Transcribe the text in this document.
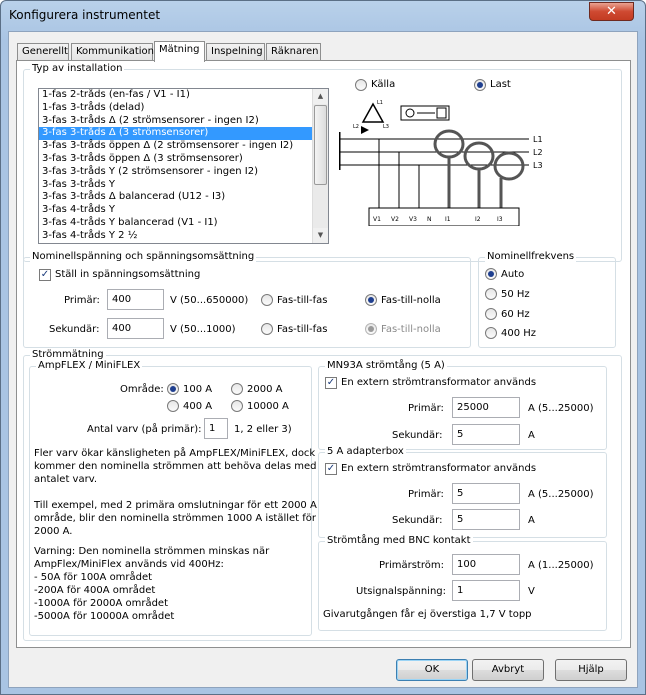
Konfigurera instrumentet	✕
Generellt Kommunikation Mätning	Inspelning Räknaren
Typ av installation
1-fas 2-tråds (en-fas / V1 - I1)
1-fas 3-tråds (delad)
3-fas 3-tråds Δ (2 strömsensorer - ingen I2)
3-fas 3-tråds Δ (3 strömsensorer)
3-fas 3-tråds öppen Δ (2 strömsensorer - ingen I2)
3-fas 3-tråds öppen Δ (3 strömsensorer)
3-fas 3-tråds Y (2 strömsensorer - ingen I2)
3-fas 3-tråds Y
3-fas 3-tråds Δ balancerad (U12 - I3)
3-fas 4-tråds Y
3-fas 4-tråds Y balancerad (V1 - I1)
3-fas 4-tråds Y 2 ½
▲
▼
Källa	Last
L1
L2	L3
L1
L2
L3
V1 V2 V3 N I1	I2	I3
Nominellspänning och spänningsomsättning
✓ Ställ in spänningsomsättning
Primär:	400	V (50...650000)	Fas-till-fas	Fas-till-nolla
Sekundär:	400	V (50...1000)	Fas-till-fas	Fas-till-nolla
Nominellfrekvens
Auto
50 Hz
60 Hz
400 Hz
Strömmätning
AmpFLEX / MiniFLEX
Område: 100 A	2000 A
400 A	10000 A
Antal varv (på primär): 1	1, 2 eller 3)
Fler varv ökar känsligheten på AmpFLEX/MiniFLEX, dock
kommer den nominella strömmen att behöva delas med
antalet varv.
Till exempel, med 2 primära omslutningar för ett 2000 A
område, blir den nominella strömmen 1000 A istället för
2000 A.
Varning: Den nominella strömmen minskas när
AmpFlex/MiniFlex används vid 400Hz:
- 50A för 100A området
-200A för 400A området
-1000A för 2000A området
-5000A för 10000A området
MN93A strömtång (5 A)
✓ En extern strömtransformator används
Primär:	25000	A (5...25000)
Sekundär:	5	A
5 A adapterbox
✓ En extern strömtransformator används
Primär:	5	A (5...25000)
Sekundär:	5	A
Strömtång med BNC kontakt
Primärström:	100	A (1...25000)
Utsignalspänning:	1	V
Givarutgången får ej överstiga 1,7 V topp
OK	Avbryt	Hjälp
